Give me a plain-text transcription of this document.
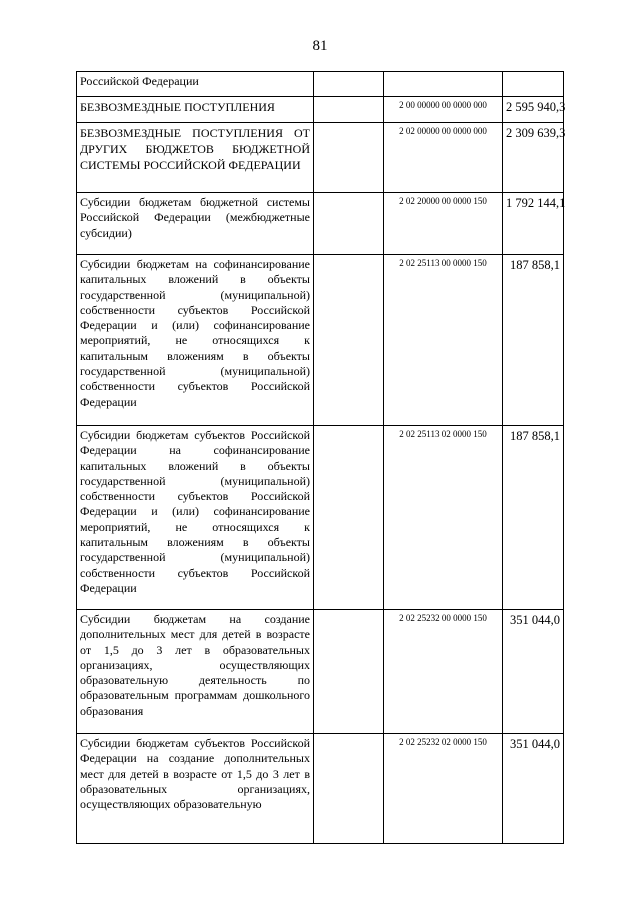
81
Российской Федерации			
БЕЗВОЗМЕЗДНЫЕ ПОСТУПЛЕНИЯ		2 00 00000 00 0000 000	2 595 940,3
БЕЗВОЗМЕЗДНЫЕ ПОСТУПЛЕНИЯ ОТ ДРУГИХ БЮДЖЕТОВ БЮДЖЕТНОЙ СИСТЕМЫ РОССИЙСКОЙ ФЕДЕРАЦИИ		2 02 00000 00 0000 000	2 309 639,3
Субсидии бюджетам бюджетной системы Российской Федерации (межбюджетные субсидии)		2 02 20000 00 0000 150	1 792 144,1
Субсидии бюджетам на софинансирование капитальных вложений в объекты государственной (муниципальной) собственности субъектов Российской Федерации и (или) софинансирование мероприятий, не относящихся к капитальным вложениям в объекты государственной (муниципальной) собственности субъектов Российской Федерации		2 02 25113 00 0000 150	187 858,1
Субсидии бюджетам субъектов Российской Федерации на софинансирование капитальных вложений в объекты государственной (муниципальной) собственности субъектов Российской Федерации и (или) софинансирование мероприятий, не относящихся к капитальным вложениям в объекты государственной (муниципальной) собственности субъектов Российской Федерации		2 02 25113 02 0000 150	187 858,1
Субсидии бюджетам на создание дополнительных мест для детей в возрасте от 1,5 до 3 лет в образовательных организациях, осуществляющих образовательную деятельность по образовательным программам дошкольного образования		2 02 25232 00 0000 150	351 044,0
Субсидии бюджетам субъектов Российской Федерации на создание дополнительных мест для детей в возрасте от 1,5 до 3 лет в образовательных организациях, осуществляющих образовательную		2 02 25232 02 0000 150	351 044,0
